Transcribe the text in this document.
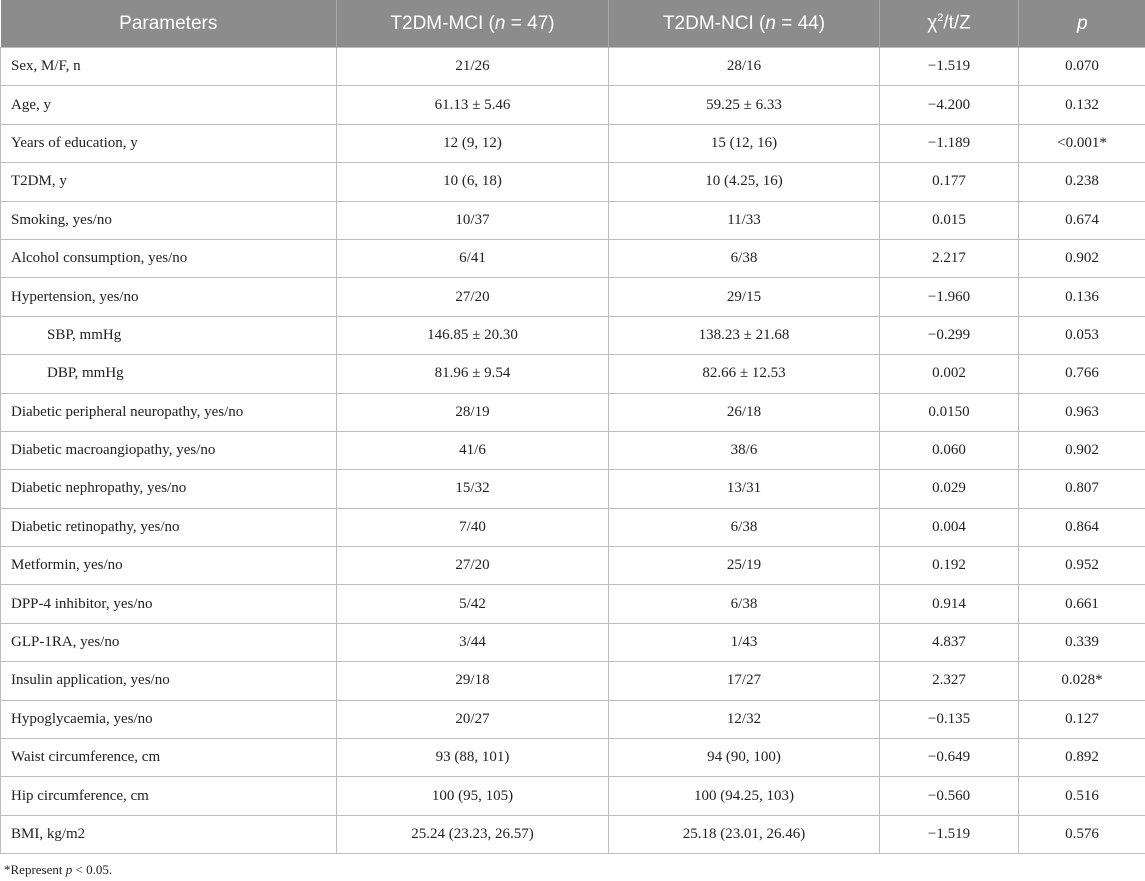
Parameters	T2DM-MCI (n = 47)	T2DM-NCI (n = 44)	$\chi^2/t/Z$	p
Sex, M/F, n	21/26	28/16	−1.519	0.070
Age, y	61.13 ± 5.46	59.25 ± 6.33	−4.200	0.132
Years of education, y	12 (9, 12)	15 (12, 16)	−1.189	<0.001*
T2DM, y	10 (6, 18)	10 (4.25, 16)	0.177	0.238
Smoking, yes/no	10/37	11/33	0.015	0.674
Alcohol consumption, yes/no	6/41	6/38	2.217	0.902
Hypertension, yes/no	27/20	29/15	−1.960	0.136
SBP, mmHg	146.85 ± 20.30	138.23 ± 21.68	−0.299	0.053
DBP, mmHg	81.96 ± 9.54	82.66 ± 12.53	0.002	0.766
Diabetic peripheral neuropathy, yes/no	28/19	26/18	0.0150	0.963
Diabetic macroangiopathy, yes/no	41/6	38/6	0.060	0.902
Diabetic nephropathy, yes/no	15/32	13/31	0.029	0.807
Diabetic retinopathy, yes/no	7/40	6/38	0.004	0.864
Metformin, yes/no	27/20	25/19	0.192	0.952
DPP-4 inhibitor, yes/no	5/42	6/38	0.914	0.661
GLP-1RA, yes/no	3/44	1/43	4.837	0.339
Insulin application, yes/no	29/18	17/27	2.327	0.028*
Hypoglycaemia, yes/no	20/27	12/32	−0.135	0.127
Waist circumference, cm	93 (88, 101)	94 (90, 100)	−0.649	0.892
Hip circumference, cm	100 (95, 105)	100 (94.25, 103)	−0.560	0.516
BMI, kg/m2	25.24 (23.23, 26.57)	25.18 (23.01, 26.46)	−1.519	0.576
*Represent p < 0.05.
